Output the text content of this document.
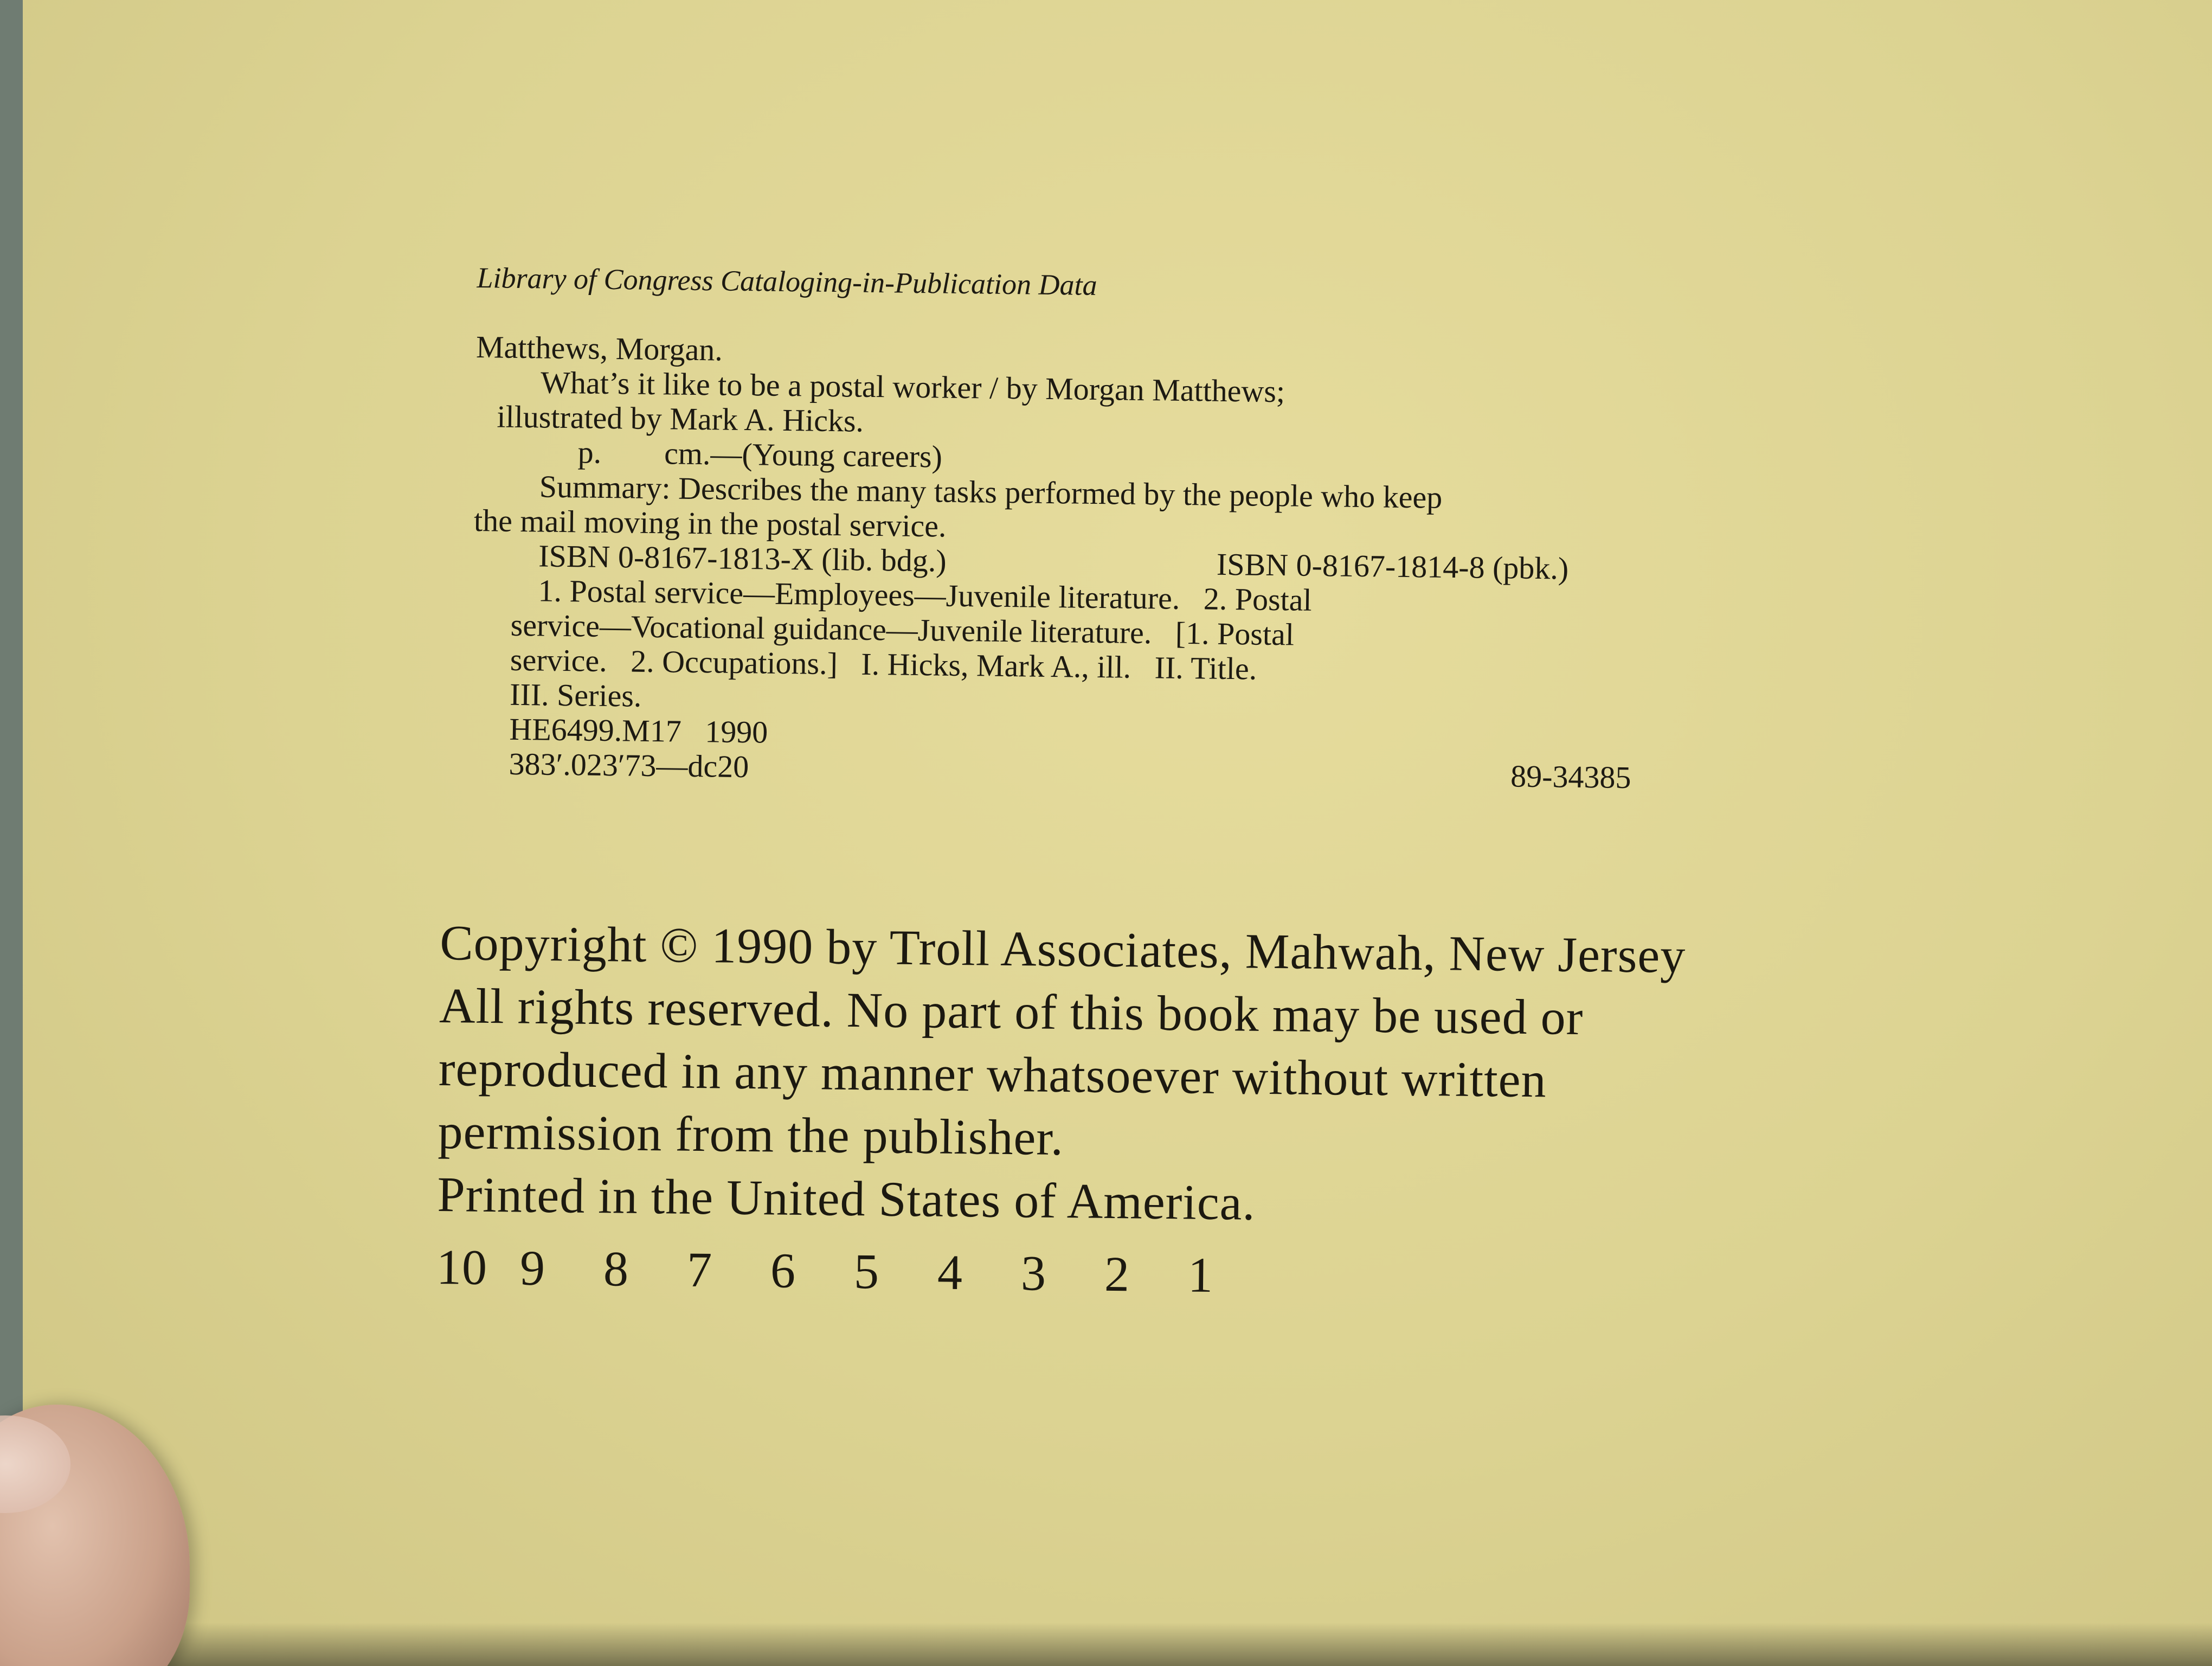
Library of Congress Cataloging-in-Publication Data

Matthews, Morgan.

What’s it like to be a postal worker / by Morgan Matthews;

illustrated by Mark A. Hicks.

p.        cm.—(Young careers)

Summary: Describes the many tasks performed by the people who keep

the mail moving in the postal service.

ISBN 0-8167-1813-X (lib. bdg.)	ISBN 0-8167-1814-8 (pbk.)

1. Postal service—Employees—Juvenile literature.   2. Postal

service—Vocational guidance—Juvenile literature.   [1. Postal

service.   2. Occupations.]   I. Hicks, Mark A., ill.   II. Title.

III. Series.

HE6499.M17   1990

383′.023′73—dc20	89-34385

Copyright © 1990 by Troll Associates, Mahwah, New Jersey

All rights reserved. No part of this book may be used or

reproduced in any manner whatsoever without written

permission from the publisher.

Printed in the United States of America.

10 9	8	7	6	5	4	3	2	1
